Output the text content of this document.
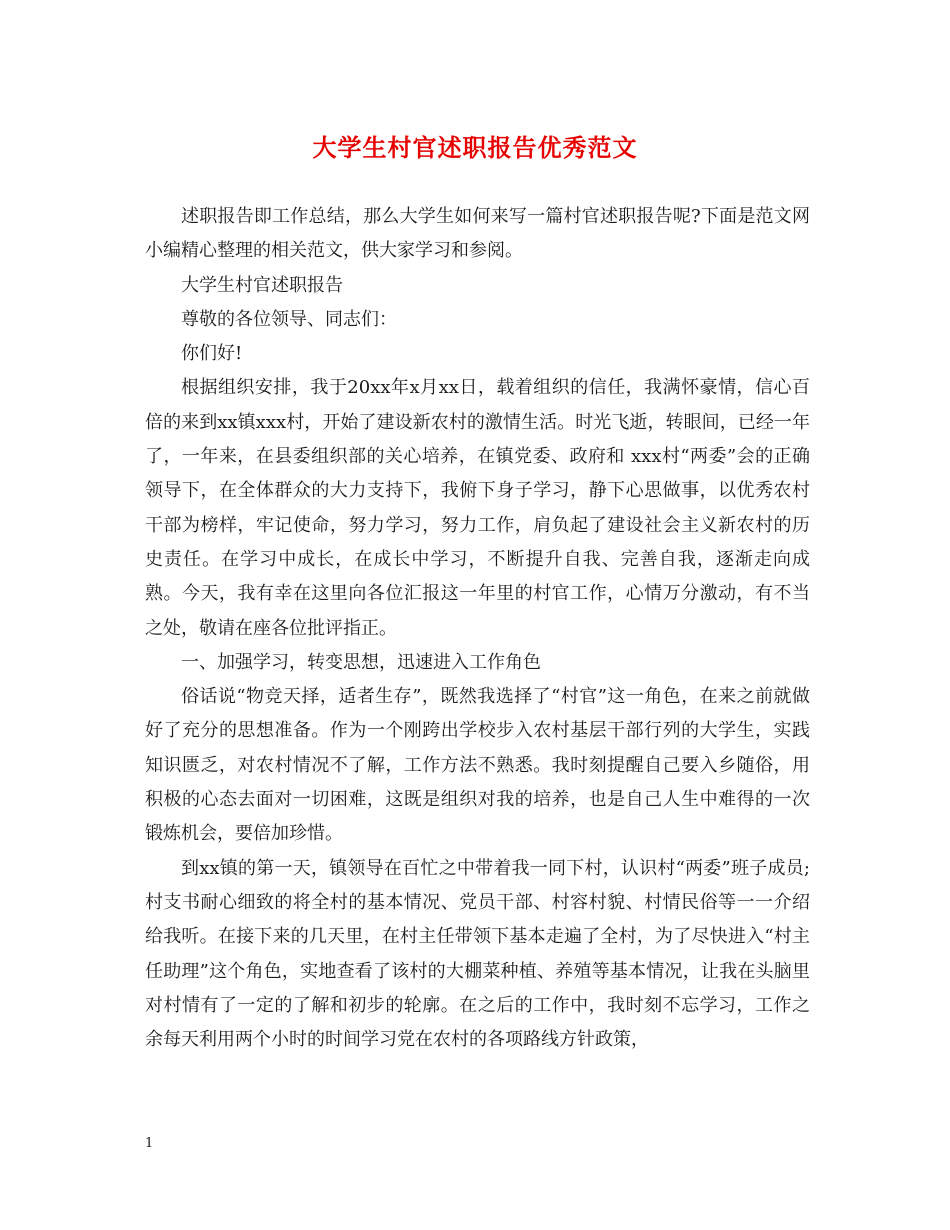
大学生村官述职报告优秀范文

述职报告即工作总结，那么大学生如何来写一篇村官述职报告呢?下面是范文网小编精心整理的相关范文，供大家学习和参阅。

大学生村官述职报告

尊敬的各位领导、同志们：

你们好!

根据组织安排，我于20xx年x月xx日，载着组织的信任，我满怀豪情，信心百倍的来到xx镇xxx村，开始了建设新农村的激情生活。时光飞逝，转眼间，已经一年了，一年来，在县委组织部的关心培养，在镇党委、政府和 xxx村“两委”会的正确领导下，在全体群众的大力支持下，我俯下身子学习，静下心思做事，以优秀农村干部为榜样，牢记使命，努力学习，努力工作，肩负起了建设社会主义新农村的历史责任。在学习中成长，在成长中学习，不断提升自我、完善自我，逐渐走向成熟。今天，我有幸在这里向各位汇报这一年里的村官工作，心情万分激动，有不当之处，敬请在座各位批评指正。

一、加强学习，转变思想，迅速进入工作角色

俗话说“物竞天择，适者生存”，既然我选择了“村官”这一角色，在来之前就做好了充分的思想准备。作为一个刚跨出学校步入农村基层干部行列的大学生，实践知识匮乏，对农村情况不了解，工作方法不熟悉。我时刻提醒自己要入乡随俗，用积极的心态去面对一切困难，这既是组织对我的培养，也是自己人生中难得的一次锻炼机会，要倍加珍惜。

到xx镇的第一天，镇领导在百忙之中带着我一同下村，认识村“两委”班子成员;村支书耐心细致的将全村的基本情况、党员干部、村容村貌、村情民俗等一一介绍给我听。在接下来的几天里，在村主任带领下基本走遍了全村，为了尽快进入“村主任助理”这个角色，实地查看了该村的大棚菜种植、养殖等基本情况，让我在头脑里对村情有了一定的了解和初步的轮廓。在之后的工作中，我时刻不忘学习，工作之余每天利用两个小时的时间学习党在农村的各项路线方针政策，

1
